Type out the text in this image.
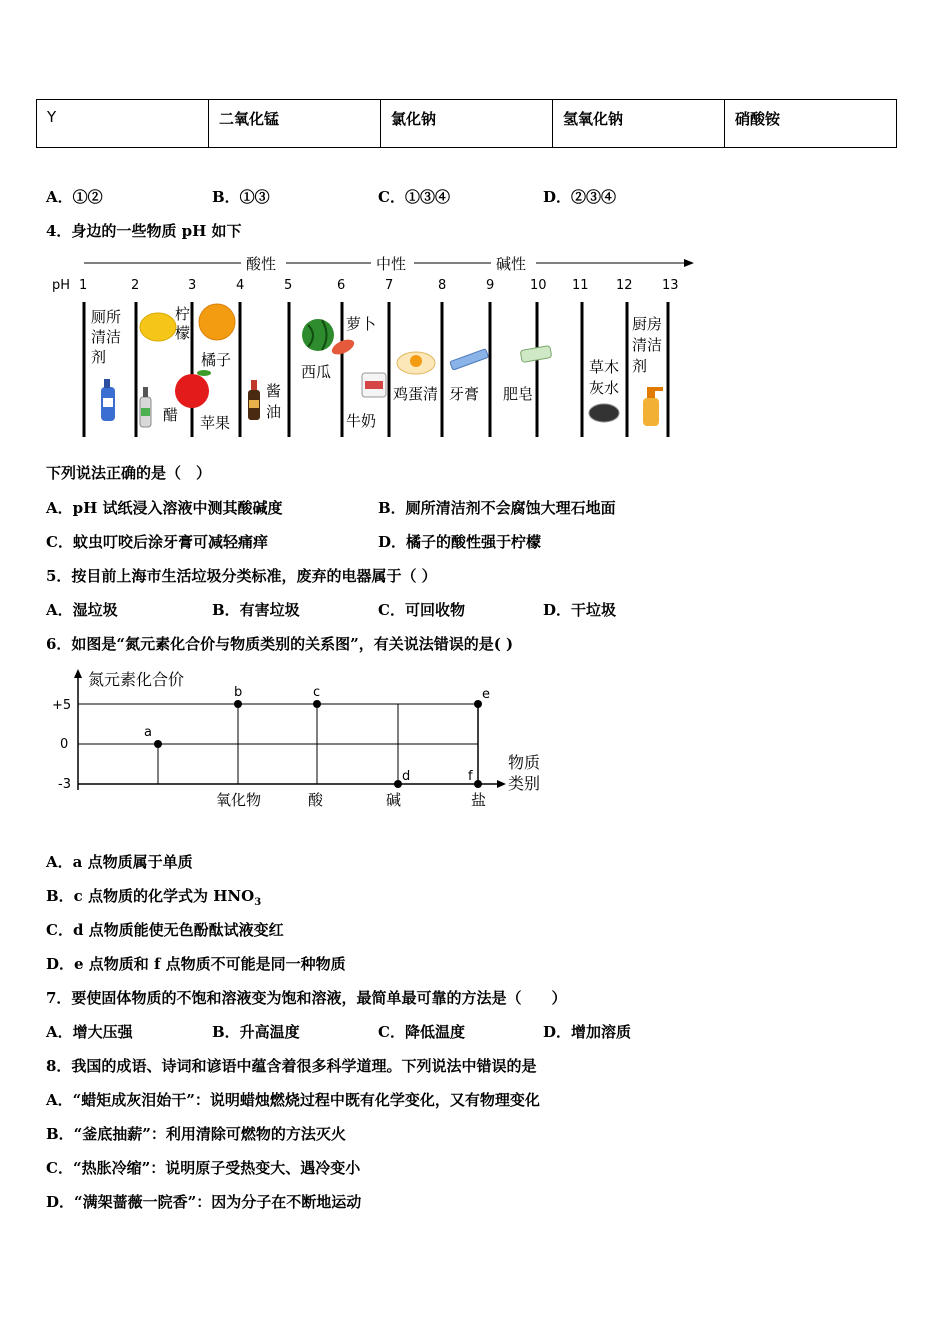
Y	二氧化锰	氯化钠	氢氧化钠	硝酸铵
A．①②	B．①③	C．①③④	D．②③④
4．身边的一些物质 pH 如下
酸性	中性	碱性
pH 1	2	3	4	5	6	7	8	9	10 11 12 13
厕所
清洁
剂
醋
柠
檬
苹果
橘子
酱
油
西瓜
萝卜
牛奶
鸡蛋清 牙膏 肥皂
草木
灰水
厨房
清洁
剂
下列说法正确的是（　）
A．pH 试纸浸入溶液中测其酸碱度	B．厕所清洁剂不会腐蚀大理石地面
C．蚊虫叮咬后涂牙膏可减轻痛痒	D．橘子的酸性强于柠檬
5．按目前上海市生活垃圾分类标准，废弃的电器属于（ ）
A．湿垃圾	B．有害垃圾	C．可回收物	D．干垃圾
6．如图是“氮元素化合价与物质类别的关系图”，有关说法错误的是( )
氮元素化合价
+5
0
-3
物质
类别
氧化物	酸	碱	盐
a
b	c
d
e
f
A．a 点物质属于单质
B．c 点物质的化学式为 $HNO_3$
C．d 点物质能使无色酚酞试液变红
D．e 点物质和 f 点物质不可能是同一种物质
7．要使固体物质的不饱和溶液变为饱和溶液，最简单最可靠的方法是（　　）
A．增大压强	B．升高温度	C．降低温度	D．增加溶质
8．我国的成语、诗词和谚语中蕴含着很多科学道理。下列说法中错误的是
A．“蜡矩成灰泪始干”：说明蜡烛燃烧过程中既有化学变化，又有物理变化
B．“釜底抽薪”：利用清除可燃物的方法灭火
C．“热胀冷缩”：说明原子受热变大、遇冷变小
D．“满架蔷薇一院香”：因为分子在不断地运动
